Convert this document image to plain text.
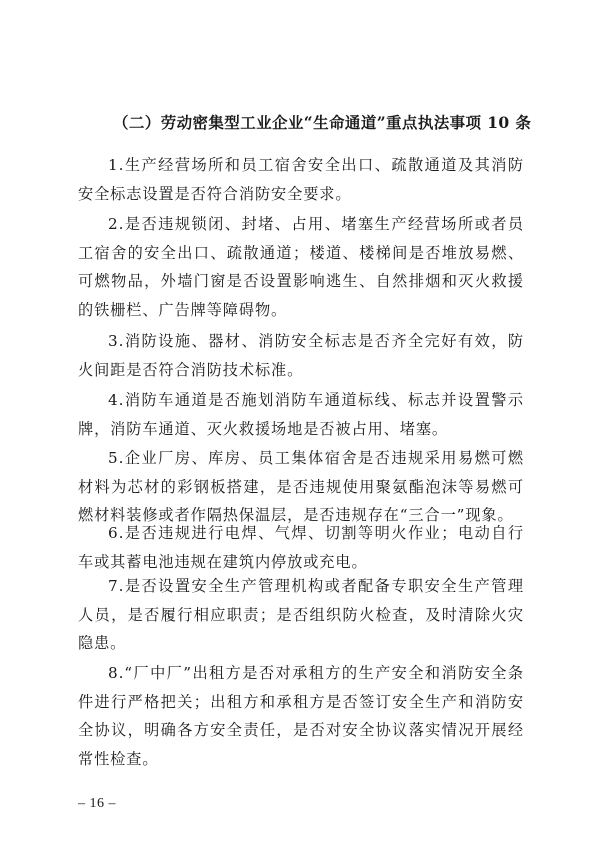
（二）劳动密集型工业企业“生命通道”重点执法事项 10 条

1.生产经营场所和员工宿舍安全出口、疏散通道及其消防安全标志设置是否符合消防安全要求。

2.是否违规锁闭、封堵、占用、堵塞生产经营场所或者员工宿舍的安全出口、疏散通道；楼道、楼梯间是否堆放易燃、可燃物品，外墙门窗是否设置影响逃生、自然排烟和灭火救援的铁栅栏、广告牌等障碍物。

3.消防设施、器材、消防安全标志是否齐全完好有效，防火间距是否符合消防技术标准。

4.消防车通道是否施划消防车通道标线、标志并设置警示牌，消防车通道、灭火救援场地是否被占用、堵塞。

5.企业厂房、库房、员工集体宿舍是否违规采用易燃可燃材料为芯材的彩钢板搭建，是否违规使用聚氨酯泡沫等易燃可燃材料装修或者作隔热保温层，是否违规存在“三合一”现象。

6.是否违规进行电焊、气焊、切割等明火作业；电动自行车或其蓄电池违规在建筑内停放或充电。

7.是否设置安全生产管理机构或者配备专职安全生产管理人员，是否履行相应职责；是否组织防火检查，及时清除火灾隐患。

8.“厂中厂”出租方是否对承租方的生产安全和消防安全条件进行严格把关；出租方和承租方是否签订安全生产和消防安全协议，明确各方安全责任，是否对安全协议落实情况开展经常性检查。

– 16 –
